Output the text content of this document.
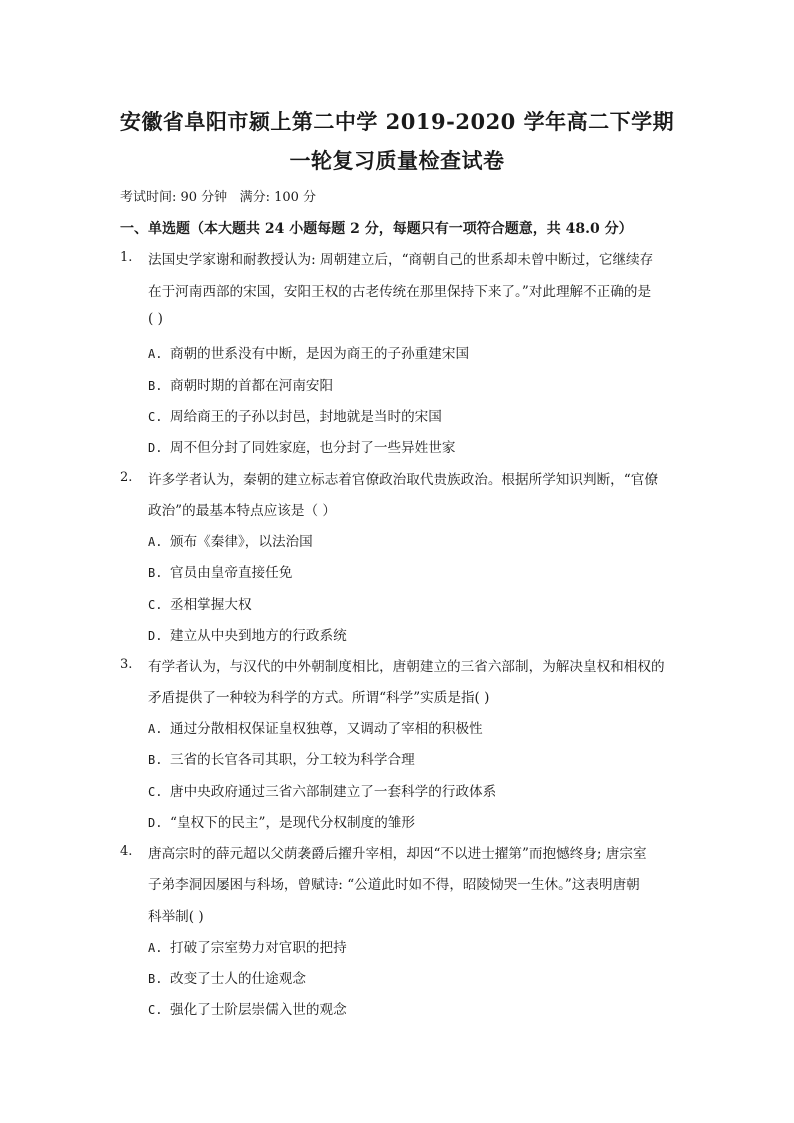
安徽省阜阳市颍上第二中学 2019-2020 学年高二下学期
一轮复习质量检查试卷
考试时间: 90 分钟   满分: 100 分
一、单选题（本大题共 24 小题每题 2 分，每题只有一项符合题意，共 48.0 分）
1. 法国史学家谢和耐教授认为: 周朝建立后，“商朝自己的世系却未曾中断过，它继续存
在于河南西部的宋国，安阳王权的古老传统在那里保持下来了。”对此理解不正确的是
( )
A. 商朝的世系没有中断，是因为商王的子孙重建宋国
B. 商朝时期的首都在河南安阳
C. 周给商王的子孙以封邑，封地就是当时的宋国
D. 周不但分封了同姓家庭，也分封了一些异姓世家
2. 许多学者认为，秦朝的建立标志着官僚政治取代贵族政治。根据所学知识判断，“官僚
政治”的最基本特点应该是（ ）
A. 颁布《秦律》，以法治国
B. 官员由皇帝直接任免
C. 丞相掌握大权
D. 建立从中央到地方的行政系统
3. 有学者认为，与汉代的中外朝制度相比，唐朝建立的三省六部制，为解决皇权和相权的
矛盾提供了一种较为科学的方式。所谓“科学”实质是指( )
A. 通过分散相权保证皇权独尊，又调动了宰相的积极性
B. 三省的长官各司其职，分工较为科学合理
C. 唐中央政府通过三省六部制建立了一套科学的行政体系
D. “皇权下的民主”，是现代分权制度的雏形
4. 唐高宗时的薛元超以父荫袭爵后擢升宰相，却因“不以进士擢第”而抱憾终身; 唐宗室
子弟李洞因屡困与科场，曾赋诗: “公道此时如不得，昭陵恸哭一生休。”这表明唐朝
科举制( )
A. 打破了宗室势力对官职的把持
B. 改变了士人的仕途观念
C. 强化了士阶层崇儒入世的观念
